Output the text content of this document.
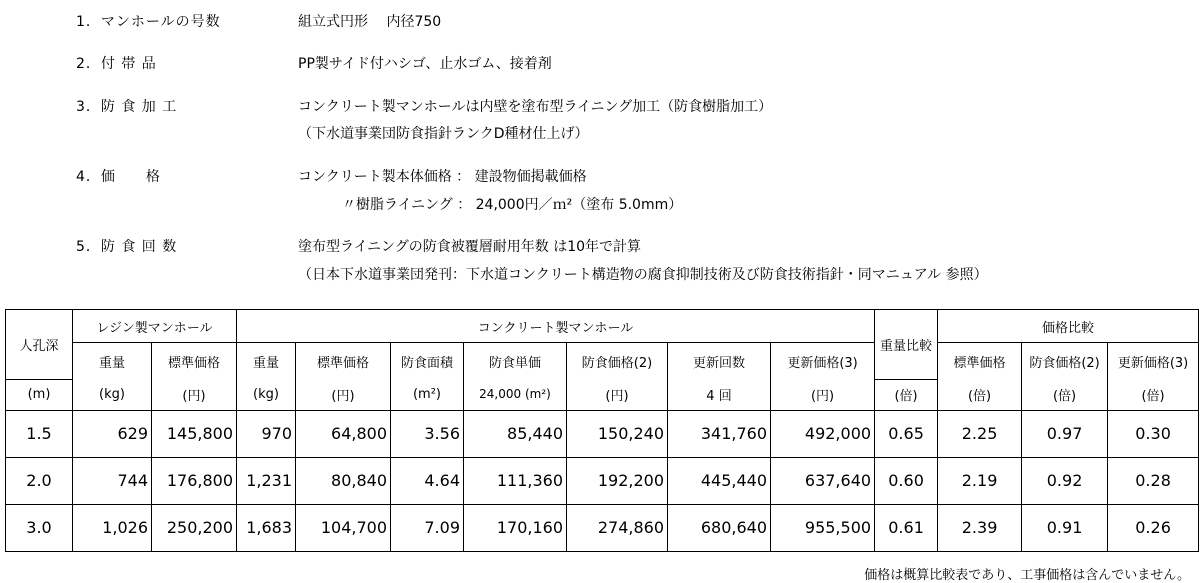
1．マンホールの号数	組立式円形　 内径750
2．付 帯 品	PP製サイド付ハシゴ、止水ゴム、接着剤
3．防 食 加 工	コンクリート製マンホールは内壁を塗布型ライニング加工（防食樹脂加工）
（下水道事業団防食指針ランクD種材仕上げ）
4．価　　格	コンクリート製本体価格 ： 建設物価掲載価格
〃樹脂ライニング ： 24,000円／ｍ²（塗布 5.0mm）
5．防 食 回 数	塗布型ライニングの防食被覆層耐用年数 は10年で計算
（日本下水道事業団発刊：下水道コンクリート構造物の腐食抑制技術及び防食技術指針・同マニュアル 参照）
人孔深	レジン製マンホール		コンクリート製マンホール							重量比較	価格比較		
	重量	標準価格	重量	標準価格	防食面積	防食単価	防食価格(2)	更新回数	更新価格(3)		標準価格	防食価格(2)	更新価格(3)
(m)	(kg)	(円)	(kg)	(円)	(m²)	24,000 (m²)	(円)	4 回	(円)	(倍)	(倍)	(倍)	(倍)
1.5	629	145,800	970	64,800	3.56	85,440	150,240	341,760	492,000	0.65	2.25	0.97	0.30
2.0	744	176,800	1,231	80,840	4.64	111,360	192,200	445,440	637,640	0.60	2.19	0.92	0.28
3.0	1,026	250,200	1,683	104,700	7.09	170,160	274,860	680,640	955,500	0.61	2.39	0.91	0.26
価格は概算比較表であり、工事価格は含んでいません。
